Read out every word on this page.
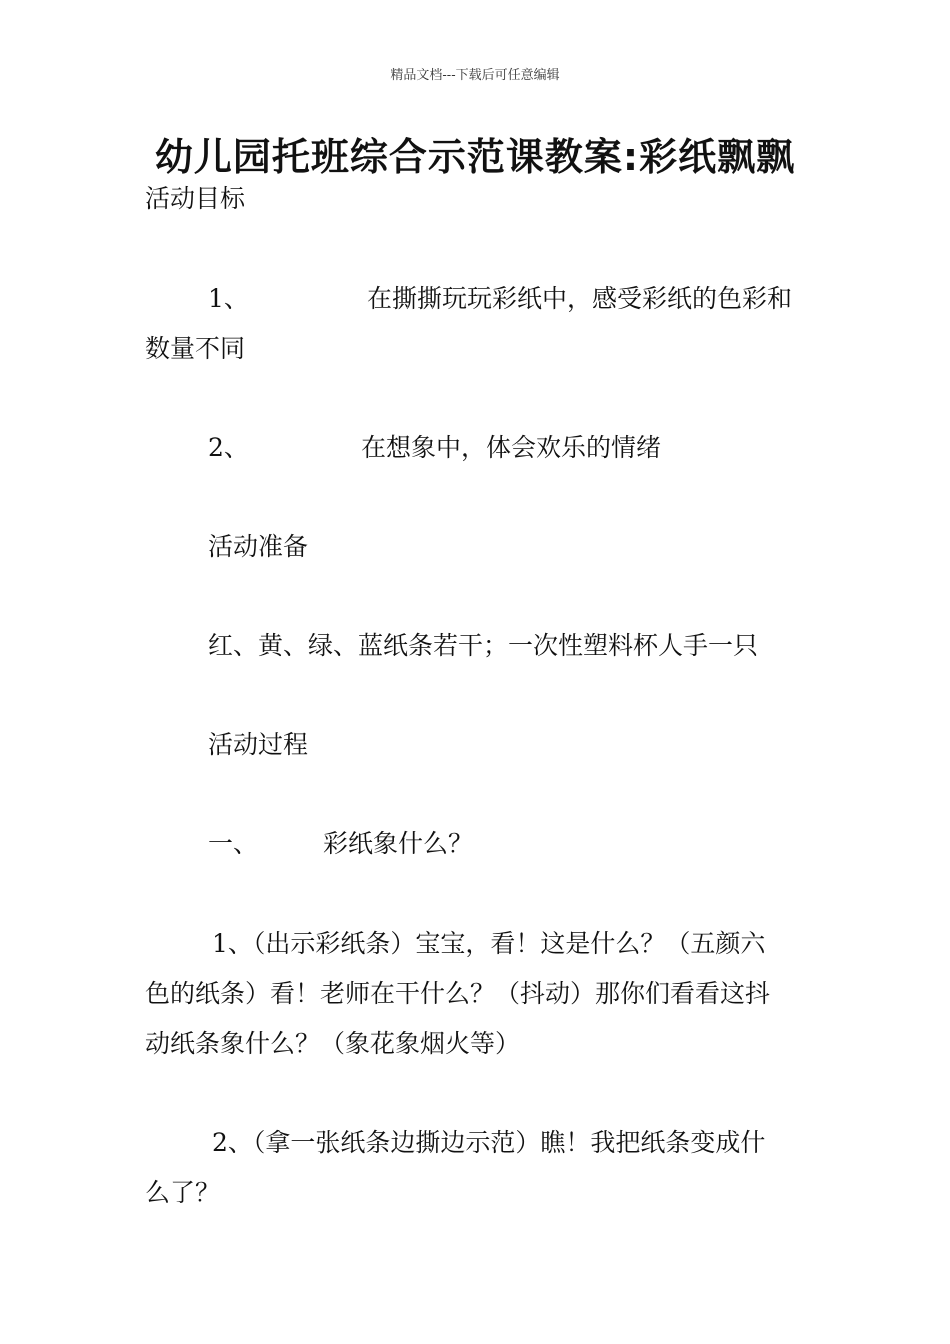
精品文档---下载后可任意编辑
幼儿园托班综合示范课教案:彩纸飘飘
活动目标
1、	在撕撕玩玩彩纸中，感受彩纸的色彩和
数量不同
2、	在想象中，体会欢乐的情绪
活动准备
红、黄、绿、蓝纸条若干；一次性塑料杯人手一只
活动过程
一、	彩纸象什么？
1、（出示彩纸条）宝宝，看！这是什么？（五颜六
色的纸条）看！老师在干什么？（抖动）那你们看看这抖
动纸条象什么？（象花象烟火等）
2、（拿一张纸条边撕边示范）瞧！我把纸条变成什
么了？
